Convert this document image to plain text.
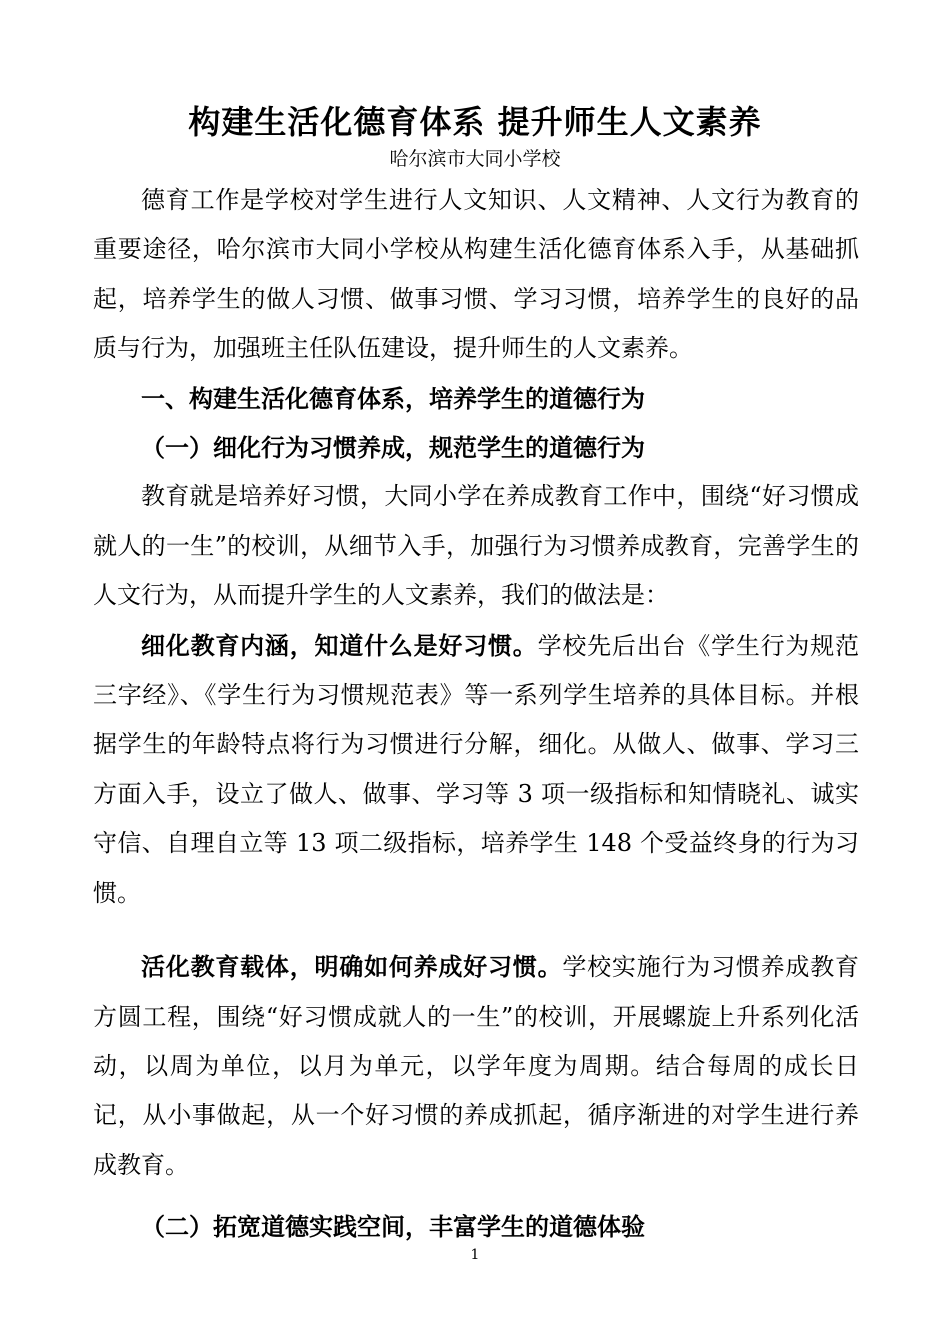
构建生活化德育体系 提升师生人文素养
哈尔滨市大同小学校

德育工作是学校对学生进行人文知识、人文精神、人文行为教育的重要途径，哈尔滨市大同小学校从构建生活化德育体系入手，从基础抓起，培养学生的做人习惯、做事习惯、学习习惯，培养学生的良好的品质与行为，加强班主任队伍建设，提升师生的人文素养。

一、构建生活化德育体系，培养学生的道德行为

（一）细化行为习惯养成，规范学生的道德行为

教育就是培养好习惯，大同小学在养成教育工作中，围绕“好习惯成就人的一生”的校训，从细节入手，加强行为习惯养成教育，完善学生的人文行为，从而提升学生的人文素养，我们的做法是：

细化教育内涵，知道什么是好习惯。学校先后出台《学生行为规范三字经》、《学生行为习惯规范表》等一系列学生培养的具体目标。并根据学生的年龄特点将行为习惯进行分解，细化。从做人、做事、学习三方面入手，设立了做人、做事、学习等 3 项一级指标和知情晓礼、诚实守信、自理自立等 13 项二级指标，培养学生 148 个受益终身的行为习惯。

活化教育载体，明确如何养成好习惯。学校实施行为习惯养成教育方圆工程，围绕“好习惯成就人的一生”的校训，开展螺旋上升系列化活动，以周为单位，以月为单元，以学年度为周期。结合每周的成长日记，从小事做起，从一个好习惯的养成抓起，循序渐进的对学生进行养成教育。

（二）拓宽道德实践空间，丰富学生的道德体验

1
